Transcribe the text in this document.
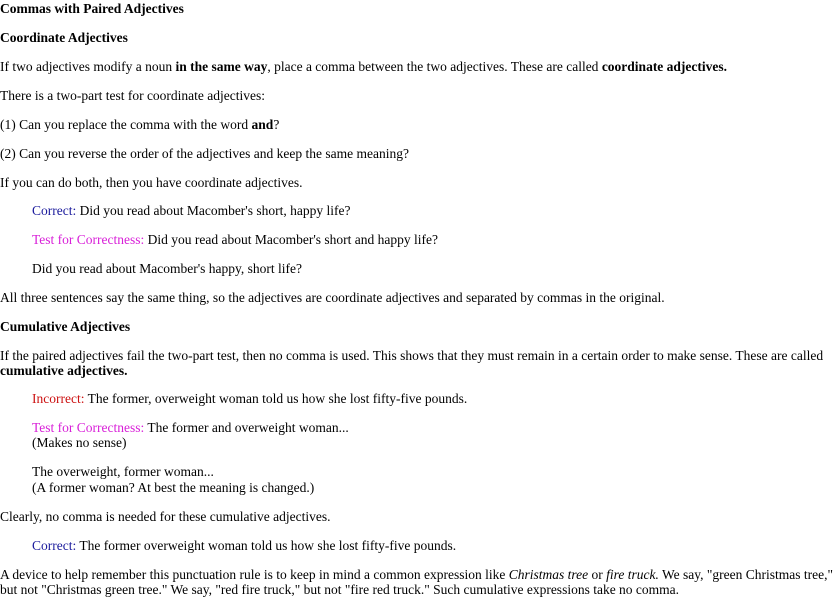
Commas with Paired Adjectives
Coordinate Adjectives
If two adjectives modify a noun in the same way, place a comma between the two adjectives. These are called coordinate adjectives.
There is a two-part test for coordinate adjectives:
(1) Can you replace the comma with the word and?
(2) Can you reverse the order of the adjectives and keep the same meaning?
If you can do both, then you have coordinate adjectives.
Correct: Did you read about Macomber's short, happy life?
Test for Correctness: Did you read about Macomber's short and happy life?
Did you read about Macomber's happy, short life?
All three sentences say the same thing, so the adjectives are coordinate adjectives and separated by commas in the original.
Cumulative Adjectives
If the paired adjectives fail the two-part test, then no comma is used. This shows that they must remain in a certain order to make sense. These are called
cumulative adjectives.
Incorrect: The former, overweight woman told us how she lost fifty-five pounds.
Test for Correctness: The former and overweight woman...
(Makes no sense)
The overweight, former woman...
(A former woman? At best the meaning is changed.)
Clearly, no comma is needed for these cumulative adjectives.
Correct: The former overweight woman told us how she lost fifty-five pounds.
A device to help remember this punctuation rule is to keep in mind a common expression like Christmas tree or fire truck. We say, "green Christmas tree,"
but not "Christmas green tree." We say, "red fire truck," but not "fire red truck." Such cumulative expressions take no comma.
